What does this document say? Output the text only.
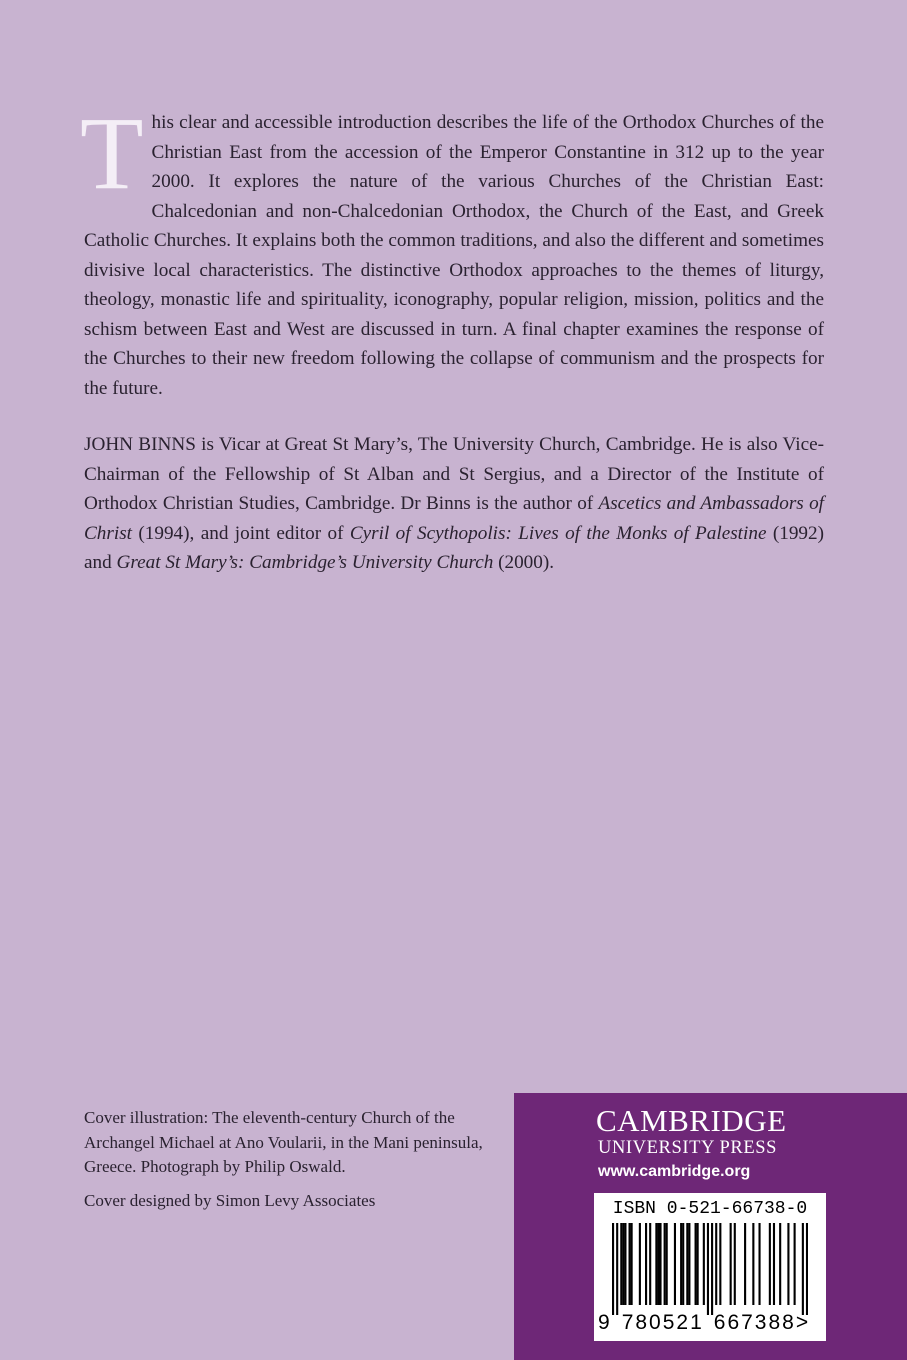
This clear and accessible introduction describes the life of the Orthodox Churches of the Christian East from the accession of the Emperor Constantine in 312 up to the year 2000. It explores the nature of the various Churches of the Christian East: Chalcedonian and non-Chalcedonian Orthodox, the Church of the East, and Greek Catholic Churches. It explains both the common traditions, and also the different and sometimes divisive local characteristics. The distinctive Orthodox approaches to the themes of liturgy, theology, monastic life and spirituality, iconography, popular religion, mission, politics and the schism between East and West are discussed in turn. A final chapter examines the response of the Churches to their new freedom following the collapse of communism and the prospects for the future.

JOHN BINNS is Vicar at Great St Mary’s, The University Church, Cambridge. He is also Vice-Chairman of the Fellowship of St Alban and St Sergius, and a Director of the Institute of Orthodox Christian Studies, Cambridge. Dr Binns is the author of Ascetics and Ambassadors of Christ (1994), and joint editor of Cyril of Scythopolis: Lives of the Monks of Palestine (1992) and Great St Mary’s: Cambridge’s University Church (2000).

Cover illustration: The eleventh-century Church of the Archangel Michael at Ano Voularii, in the Mani peninsula, Greece. Photograph by Philip Oswald.

Cover designed by Simon Levy Associates

CAMBRIDGE
UNIVERSITY PRESS
www.cambridge.org
ISBN 0-521-66738-0
9 780521 667388>
